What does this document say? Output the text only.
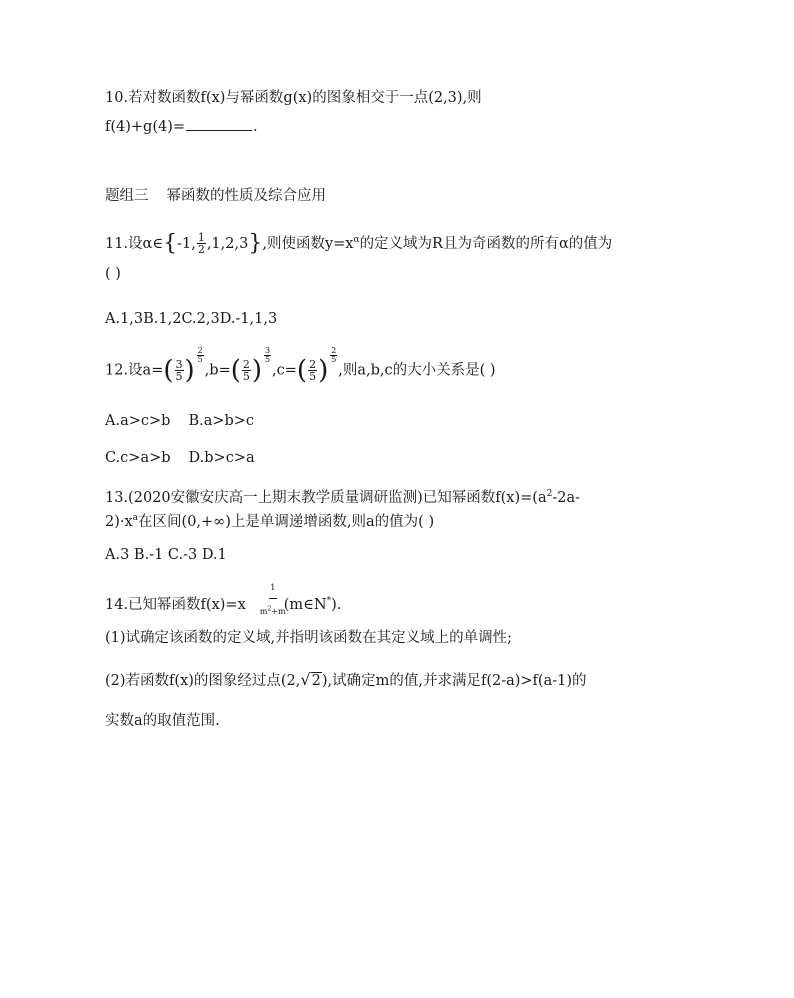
10.若对数函数f(x)与幂函数g(x)的图象相交于一点(2,3),则
f(4)+g(4)=	.
题组三 幂函数的性质及综合应用
11.设α∈{-1, $\frac{1}{2} ,1,2,3$},则使函数$y=x^\alpha$的定义域为R且为奇函数的所有α的值为
( )
A.1,3B.1,2C.2,3D.-1,1,3
12.设$a=( \frac{3}{5}$ )
$\frac{2}{5}$
$,b=( \frac{2}{5}$ )
$\frac{3}{5}$
$,c=( \frac{2}{5}$ )
$\frac{2}{5}$
,则a,b,c的大小关系是( )
A.a>c>b B.a>b>c
C.c>a>b D.b>c>a
13.(2020安徽安庆高一上期末教学质量调研监测)已知幂函数$f(x)=(a^2-2a-$
$2)\cdot x^a$在区间(0,+∞)上是单调递增函数,则a的值为( )
A.3 B.-1 C.-3 D.1
14.已知幂函数f(x)=x
1
$m^2+m$
(m∈N*).
(1)试确定该函数的定义域,并指明该函数在其定义域上的单调性;
(2)若函数f(x)的图象经过点(2,√2),试确定m的值,并求满足f(2-a)>f(a-1)的
实数a的取值范围.
